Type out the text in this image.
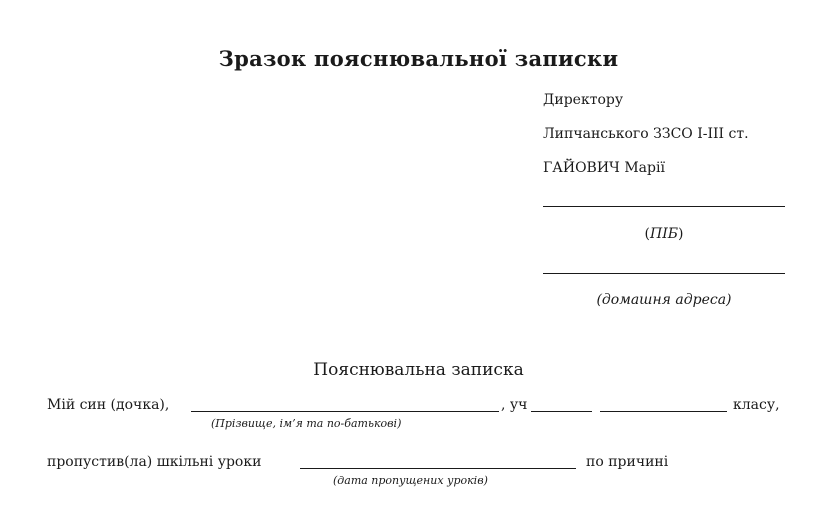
Зразок пояснювальної записки
Директору
Липчанського ЗЗСО І-ІІІ ст.
ГАЙОВИЧ Марії
(ПІБ)
(домашня адреса)
Пояснювальна записка
Мій син (дочка),	, уч	класу,
(Прізвище, ім’я та по-батькові)
пропустив(ла) шкільні уроки	по причині
(дата пропущених уроків)
